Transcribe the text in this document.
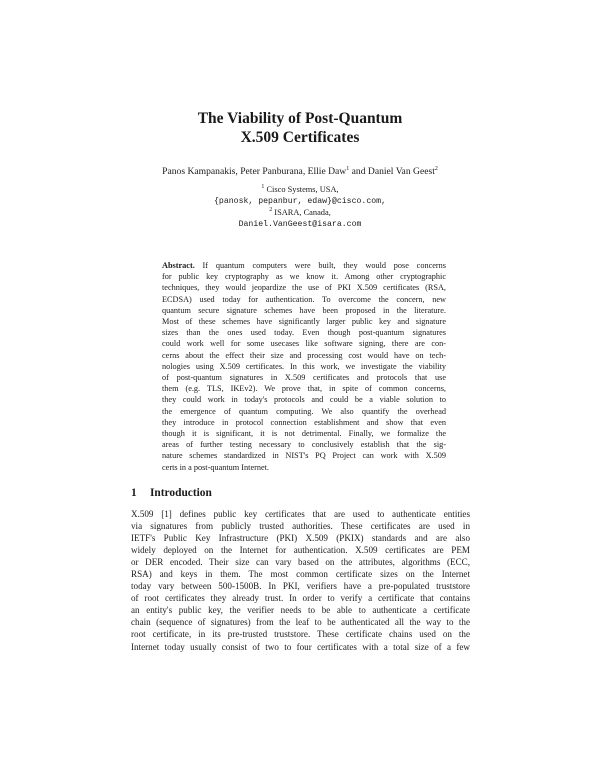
The Viability of Post-Quantum
X.509 Certificates
Panos Kampanakis, Peter Panburana, Ellie Daw$^1$ and Daniel Van Geest$^2$
$^1$ Cisco Systems, USA,
{panosk, pepanbur, edaw}@cisco.com,
$^2$ ISARA, Canada,
Daniel.VanGeest@isara.com
Abstract. If quantum computers were built, they would pose concerns
for public key cryptography as we know it. Among other cryptographic
techniques, they would jeopardize the use of PKI X.509 certificates (RSA,
ECDSA) used today for authentication. To overcome the concern, new
quantum secure signature schemes have been proposed in the literature.
Most of these schemes have significantly larger public key and signature
sizes than the ones used today. Even though post-quantum signatures
could work well for some usecases like software signing, there are con-
cerns about the effect their size and processing cost would have on tech-
nologies using X.509 certificates. In this work, we investigate the viability
of post-quantum signatures in X.509 certificates and protocols that use
them (e.g. TLS, IKEv2). We prove that, in spite of common concerns,
they could work in today's protocols and could be a viable solution to
the emergence of quantum computing. We also quantify the overhead
they introduce in protocol connection establishment and show that even
though it is significant, it is not detrimental. Finally, we formalize the
areas of further testing necessary to conclusively establish that the sig-
nature schemes standardized in NIST's PQ Project can work with X.509
certs in a post-quantum Internet.
1 Introduction
X.509 [1] defines public key certificates that are used to authenticate entities
via signatures from publicly trusted authorities. These certificates are used in
IETF's Public Key Infrastructure (PKI) X.509 (PKIX) standards and are also
widely deployed on the Internet for authentication. X.509 certificates are PEM
or DER encoded. Their size can vary based on the attributes, algorithms (ECC,
RSA) and keys in them. The most common certificate sizes on the Internet
today vary between 500-1500B. In PKI, verifiers have a pre-populated truststore
of root certificates they already trust. In order to verify a certificate that contains
an entity's public key, the verifier needs to be able to authenticate a certificate
chain (sequence of signatures) from the leaf to be authenticated all the way to the
root certificate, in its pre-trusted truststore. These certificate chains used on the
Internet today usually consist of two to four certificates with a total size of a few
